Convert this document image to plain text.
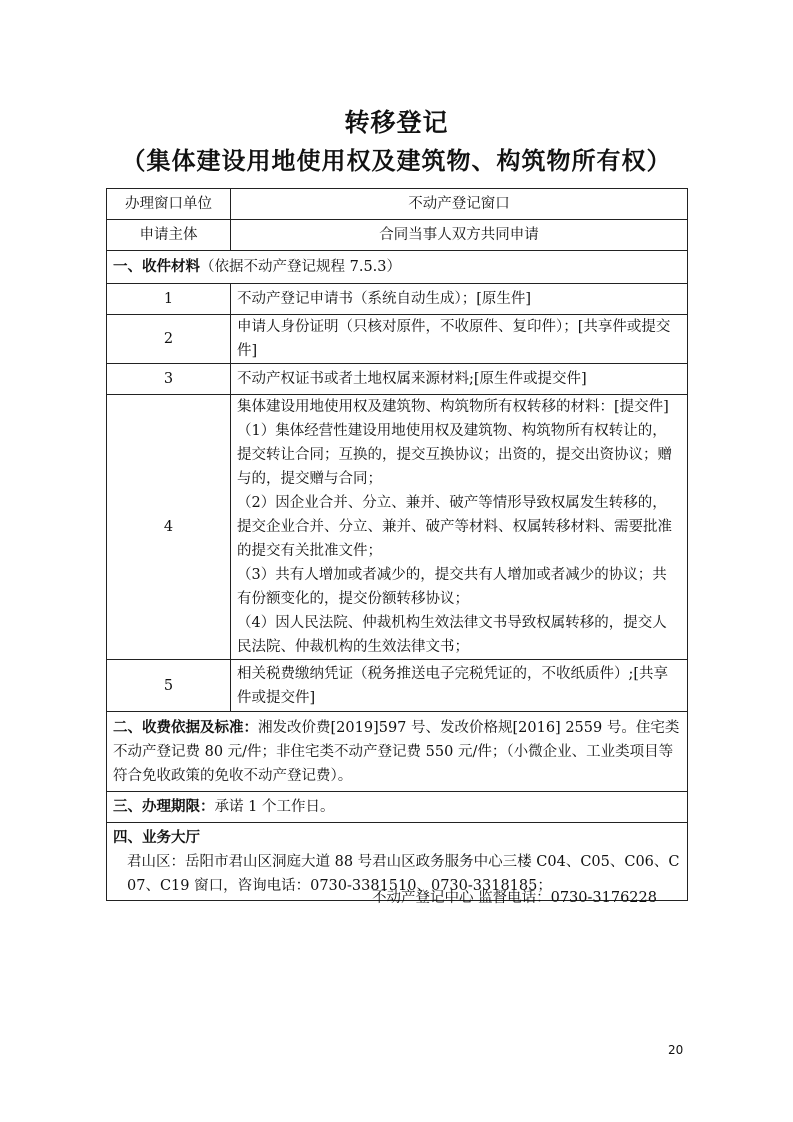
转移登记
（集体建设用地使用权及建筑物、构筑物所有权）
办理窗口单位	不动产登记窗口
申请主体	合同当事人双方共同申请
一、收件材料（依据不动产登记规程 7.5.3）	
1	不动产登记申请书（系统自动生成）；[原生件]
2	申请人身份证明（只核对原件，不收原件、复印件）；[共享件或提交件]
3	不动产权证书或者土地权属来源材料;[原生件或提交件]
4	集体建设用地使用权及建筑物、构筑物所有权转移的材料：[提交件]
（1）集体经营性建设用地使用权及建筑物、构筑物所有权转让的，提交转让合同；互换的，提交互换协议；出资的，提交出资协议；赠与的，提交赠与合同；
（2）因企业合并、分立、兼并、破产等情形导致权属发生转移的，提交企业合并、分立、兼并、破产等材料、权属转移材料、需要批准的提交有关批准文件；
（3）共有人增加或者减少的，提交共有人增加或者减少的协议；共有份额变化的，提交份额转移协议；
（4）因人民法院、仲裁机构生效法律文书导致权属转移的，提交人民法院、仲裁机构的生效法律文书；

5	相关税费缴纳凭证（税务推送电子完税凭证的，不收纸质件）;[共享件或提交件]
二、收费依据及标准：湘发改价费[2019]597 号、发改价格规[2016] 2559 号。住宅类不动产登记费 80 元/件；非住宅类不动产登记费 550 元/件；（小微企业、工业类项目等符合免收政策的免收不动产登记费）。	
三、办理期限：承诺 1 个工作日。	

四、业务大厅
君山区：岳阳市君山区洞庭大道 88 号君山区政务服务中心三楼 C04、C05、C06、C07、C19 窗口，咨询电话：0730-3381510、0730-3318185；	
不动产登记中心 监督电话：0730-3176228
20
